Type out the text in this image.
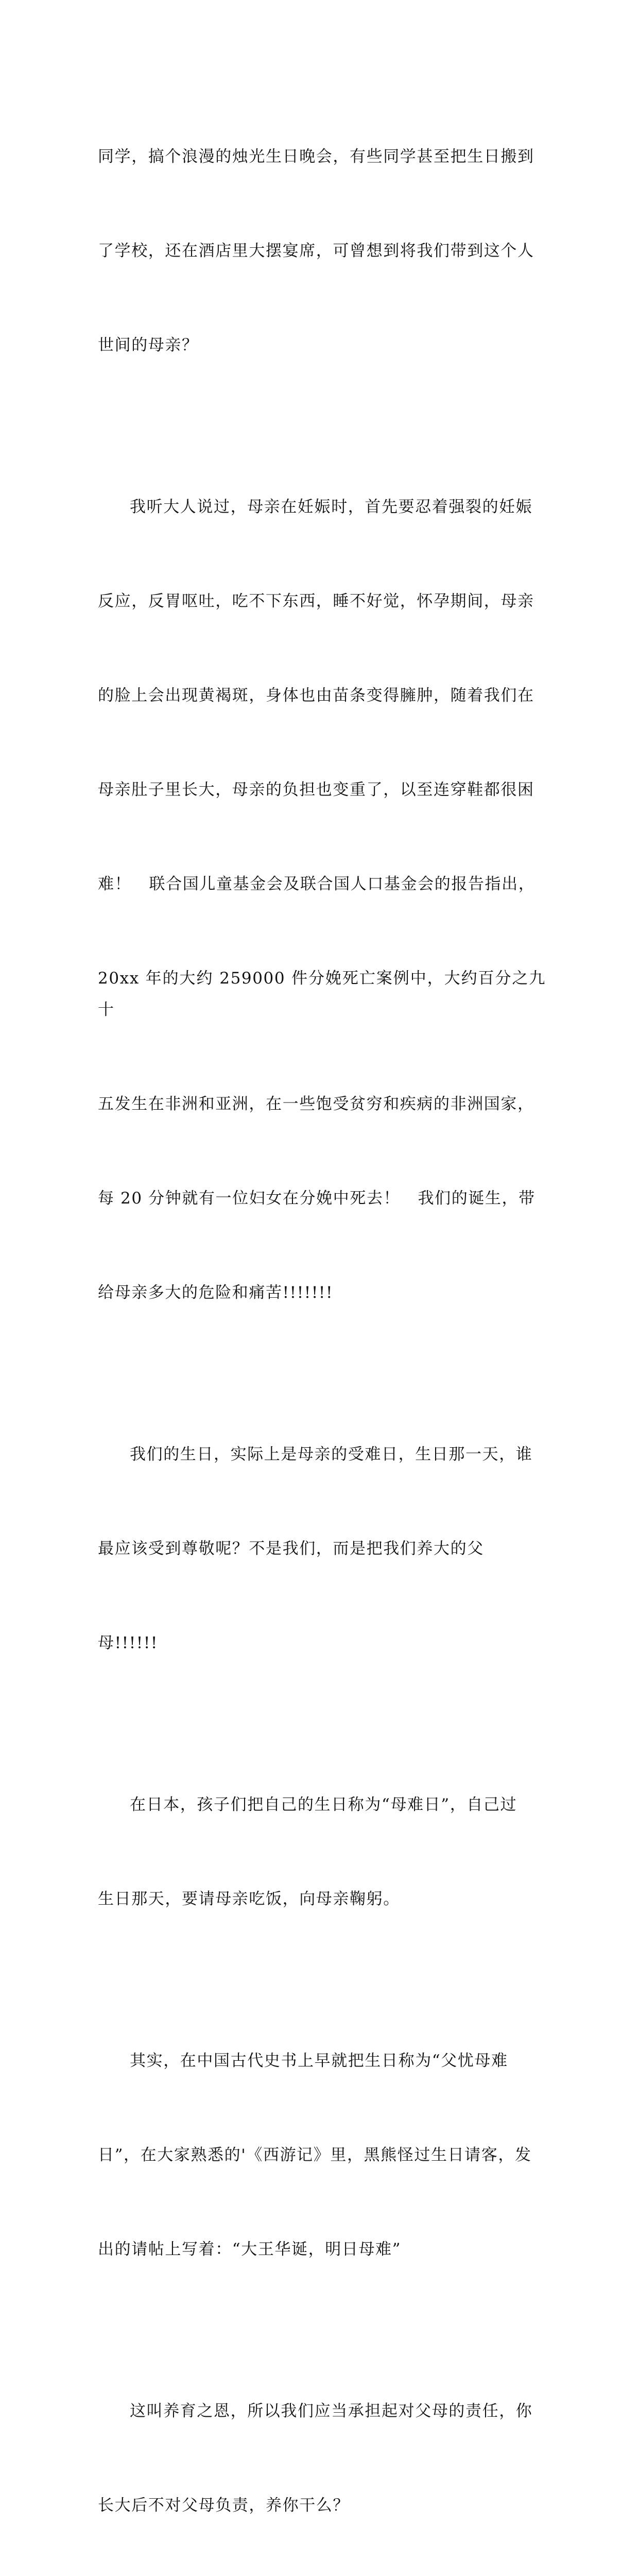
同学，搞个浪漫的烛光生日晚会，有些同学甚至把生日搬到

了学校，还在酒店里大摆宴席，可曾想到将我们带到这个人

世间的母亲？

我听大人说过，母亲在妊娠时，首先要忍着强裂的妊娠

反应，反胃呕吐，吃不下东西，睡不好觉，怀孕期间，母亲

的脸上会出现黄褐斑，身体也由苗条变得臃肿，随着我们在

母亲肚子里长大，母亲的负担也变重了，以至连穿鞋都很困

难！   联合国儿童基金会及联合国人口基金会的报告指出，

20xx 年的大约 259000 件分娩死亡案例中，大约百分之九十

五发生在非洲和亚洲，在一些饱受贫穷和疾病的非洲国家，

每 20 分钟就有一位妇女在分娩中死去！   我们的诞生，带

给母亲多大的危险和痛苦!!!!!!!

我们的生日，实际上是母亲的受难日，生日那一天，谁

最应该受到尊敬呢？不是我们，而是把我们养大的父

母!!!!!!

在日本，孩子们把自己的生日称为“母难日”，自己过

生日那天，要请母亲吃饭，向母亲鞠躬。

其实，在中国古代史书上早就把生日称为“父忧母难

日”，在大家熟悉的'《西游记》里，黑熊怪过生日请客，发

出的请帖上写着：“大王华诞，明日母难”

这叫养育之恩，所以我们应当承担起对父母的责任，你

长大后不对父母负责，养你干么？
